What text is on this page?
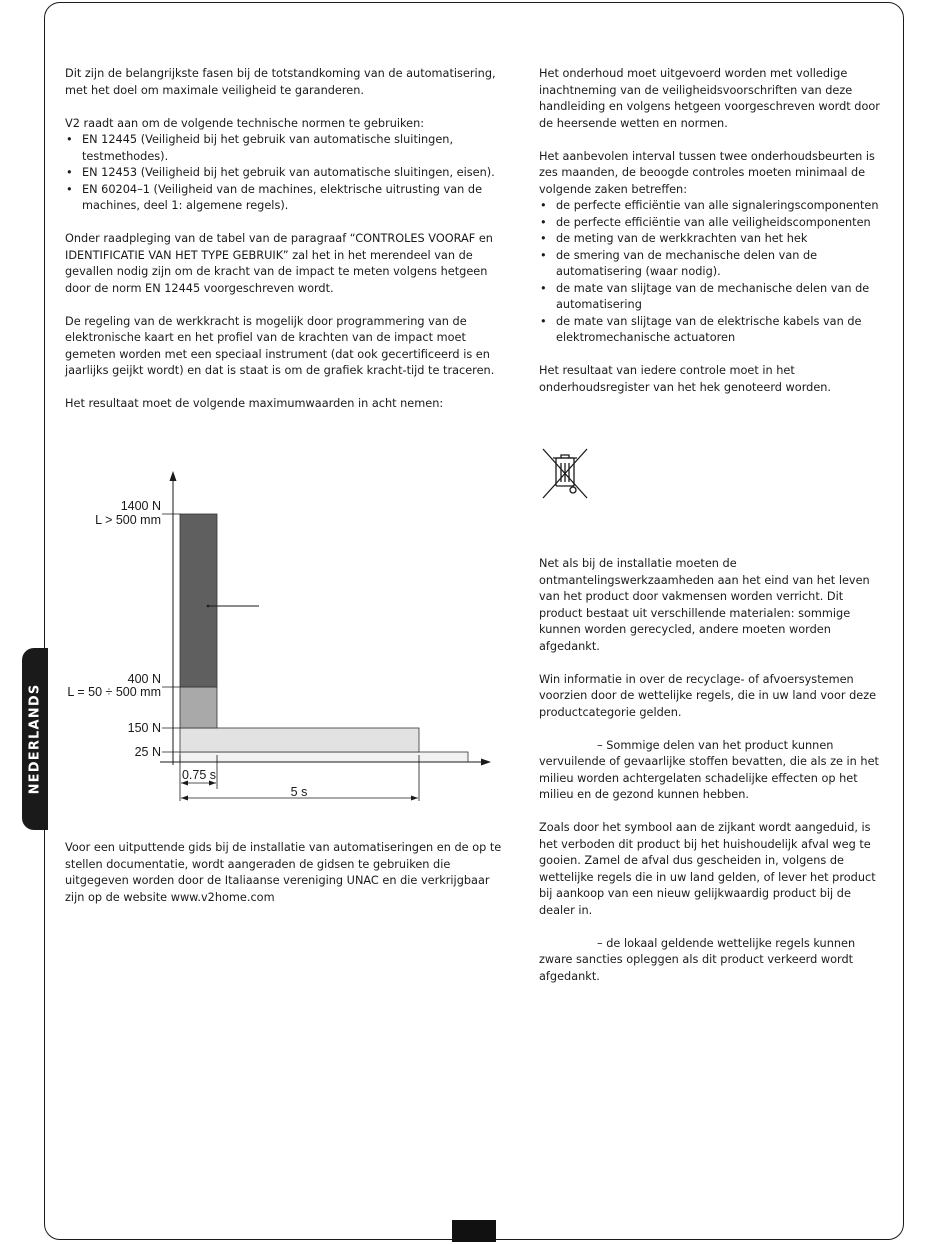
NEDERLANDS

Dit zijn de belangrijkste fasen bij de totstandkoming van de automatisering, met het doel om maximale veiligheid te garanderen.

V2 raadt aan om de volgende technische normen te gebruiken:
• EN 12445 (Veiligheid bij het gebruik van automatische sluitingen, testmethodes).
• EN 12453 (Veiligheid bij het gebruik van automatische sluitingen, eisen).
• EN 60204–1 (Veiligheid van de machines, elektrische uitrusting van de machines, deel 1: algemene regels).

Onder raadpleging van de tabel van de paragraaf “CONTROLES VOORAF en IDENTIFICATIE VAN HET TYPE GEBRUIK” zal het in het merendeel van de gevallen nodig zijn om de kracht van de impact te meten volgens hetgeen door de norm EN 12445 voorgeschreven wordt.

De regeling van de werkkracht is mogelijk door programmering van de elektronische kaart en het profiel van de krachten van de impact moet gemeten worden met een speciaal instrument (dat ook gecertificeerd is en jaarlijks geijkt wordt) en dat is staat is om de grafiek kracht-tijd te traceren.

Het resultaat moet de volgende maximumwaarden in acht nemen:

1400 N
L > 500 mm
400 N
L = 50 ÷ 500 mm
150 N
25 N
0.75 s
5 s
Voor een uitputtende gids bij de installatie van automatiseringen en de op te stellen documentatie, wordt aangeraden de gidsen te gebruiken die uitgegeven worden door de Italiaanse vereniging UNAC en die verkrijgbaar zijn op de website www.v2home.com

Het onderhoud moet uitgevoerd worden met volledige inachtneming van de veiligheidsvoorschriften van deze handleiding en volgens hetgeen voorgeschreven wordt door de heersende wetten en normen.

Het aanbevolen interval tussen twee onderhoudsbeurten is zes maanden, de beoogde controles moeten minimaal de volgende zaken betreffen:
• de perfecte efficiëntie van alle signaleringscomponenten
• de perfecte efficiëntie van alle veiligheidscomponenten
• de meting van de werkkrachten van het hek
• de smering van de mechanische delen van de automatisering (waar nodig).
• de mate van slijtage van de mechanische delen van de automatisering
• de mate van slijtage van de elektrische kabels van de elektromechanische actuatoren

Het resultaat van iedere controle moet in het onderhoudsregister van het hek genoteerd worden.

Net als bij de installatie moeten de ontmantelingswerkzaamheden aan het eind van het leven van het product door vakmensen worden verricht. Dit product bestaat uit verschillende materialen: sommige kunnen worden gerecycled, andere moeten worden afgedankt.

Win informatie in over de recyclage- of afvoersystemen voorzien door de wettelijke regels, die in uw land voor deze productcategorie gelden.

– Sommige delen van het product kunnen vervuilende of gevaarlijke stoffen bevatten, die als ze in het milieu worden achtergelaten schadelijke effecten op het milieu en de gezond kunnen hebben.

Zoals door het symbool aan de zijkant wordt aangeduid, is het verboden dit product bij het huishoudelijk afval weg te gooien. Zamel de afval dus gescheiden in, volgens de wettelijke regels die in uw land gelden, of lever het product bij aankoop van een nieuw gelijkwaardig product bij de dealer in.

– de lokaal geldende wettelijke regels kunnen zware sancties opleggen als dit product verkeerd wordt afgedankt.
